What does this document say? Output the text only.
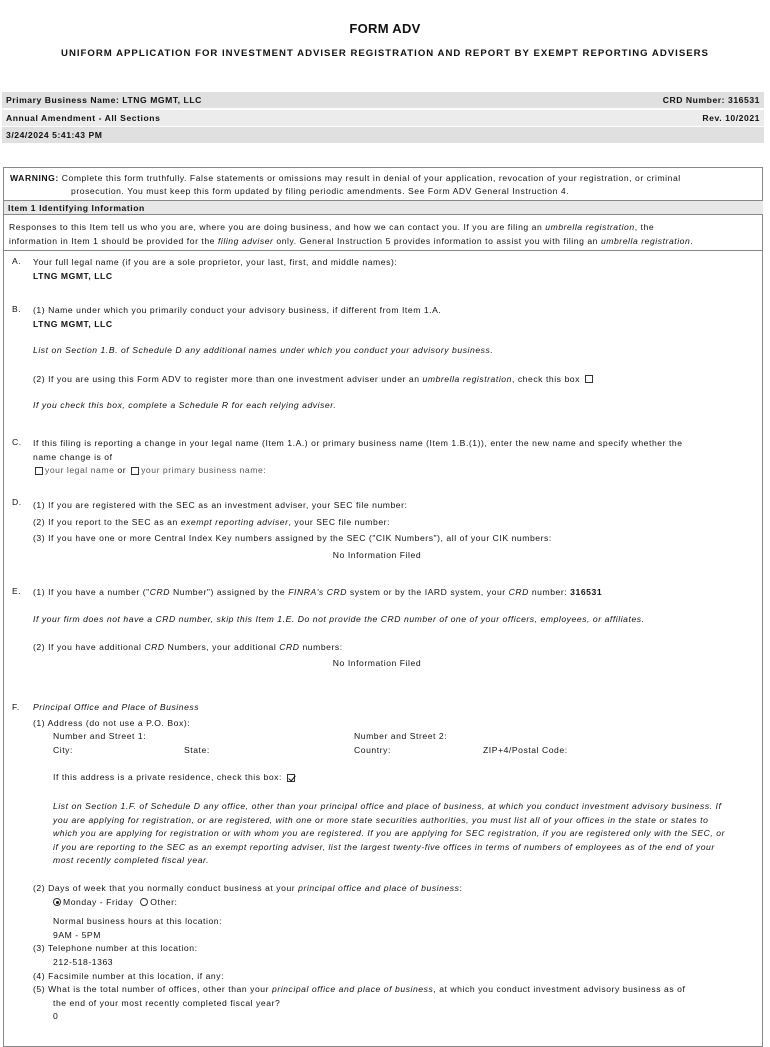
FORM ADV
UNIFORM APPLICATION FOR INVESTMENT ADVISER REGISTRATION AND REPORT BY EXEMPT REPORTING ADVISERS
Primary Business Name: LTNG MGMT, LLC	CRD Number: 316531
Annual Amendment - All Sections	Rev. 10/2021
3/24/2024 5:41:43 PM
WARNING: Complete this form truthfully. False statements or omissions may result in denial of your application, revocation of your registration, or criminal
prosecution. You must keep this form updated by filing periodic amendments. See Form ADV General Instruction 4.
Item 1 Identifying Information
Responses to this Item tell us who you are, where you are doing business, and how we can contact you. If you are filing an umbrella registration, the
information in Item 1 should be provided for the filing adviser only. General Instruction 5 provides information to assist you with filing an umbrella registration.
A. Your full legal name (if you are a sole proprietor, your last, first, and middle names):
LTNG MGMT, LLC
B. (1) Name under which you primarily conduct your advisory business, if different from Item 1.A.
LTNG MGMT, LLC
List on Section 1.B. of Schedule D any additional names under which you conduct your advisory business.
(2) If you are using this Form ADV to register more than one investment adviser under an umbrella registration, check this box
If you check this box, complete a Schedule R for each relying adviser.
C. If this filing is reporting a change in your legal name (Item 1.A.) or primary business name (Item 1.B.(1)), enter the new name and specify whether the
name change is of
your legal name or your primary business name:
D. (1) If you are registered with the SEC as an investment adviser, your SEC file number:
(2) If you report to the SEC as an exempt reporting adviser, your SEC file number:
(3) If you have one or more Central Index Key numbers assigned by the SEC ("CIK Numbers"), all of your CIK numbers:
No Information Filed
E. (1) If you have a number ("CRD Number") assigned by the FINRA's CRD system or by the IARD system, your CRD number: 316531
If your firm does not have a CRD number, skip this Item 1.E. Do not provide the CRD number of one of your officers, employees, or affiliates.
(2) If you have additional CRD Numbers, your additional CRD numbers:
No Information Filed
F. Principal Office and Place of Business
(1) Address (do not use a P.O. Box):
Number and Street 1:	Number and Street 2:
City:	State:	Country:	ZIP+4/Postal Code:
If this address is a private residence, check this box:
List on Section 1.F. of Schedule D any office, other than your principal office and place of business, at which you conduct investment advisory business. If
you are applying for registration, or are registered, with one or more state securities authorities, you must list all of your offices in the state or states to
which you are applying for registration or with whom you are registered. If you are applying for SEC registration, if you are registered only with the SEC, or
if you are reporting to the SEC as an exempt reporting adviser, list the largest twenty-five offices in terms of numbers of employees as of the end of your
most recently completed fiscal year.
(2) Days of week that you normally conduct business at your principal office and place of business:
Monday - Friday Other:
Normal business hours at this location:
9AM - 5PM
(3) Telephone number at this location:
212-518-1363
(4) Facsimile number at this location, if any:
(5) What is the total number of offices, other than your principal office and place of business, at which you conduct investment advisory business as of
the end of your most recently completed fiscal year?
0
